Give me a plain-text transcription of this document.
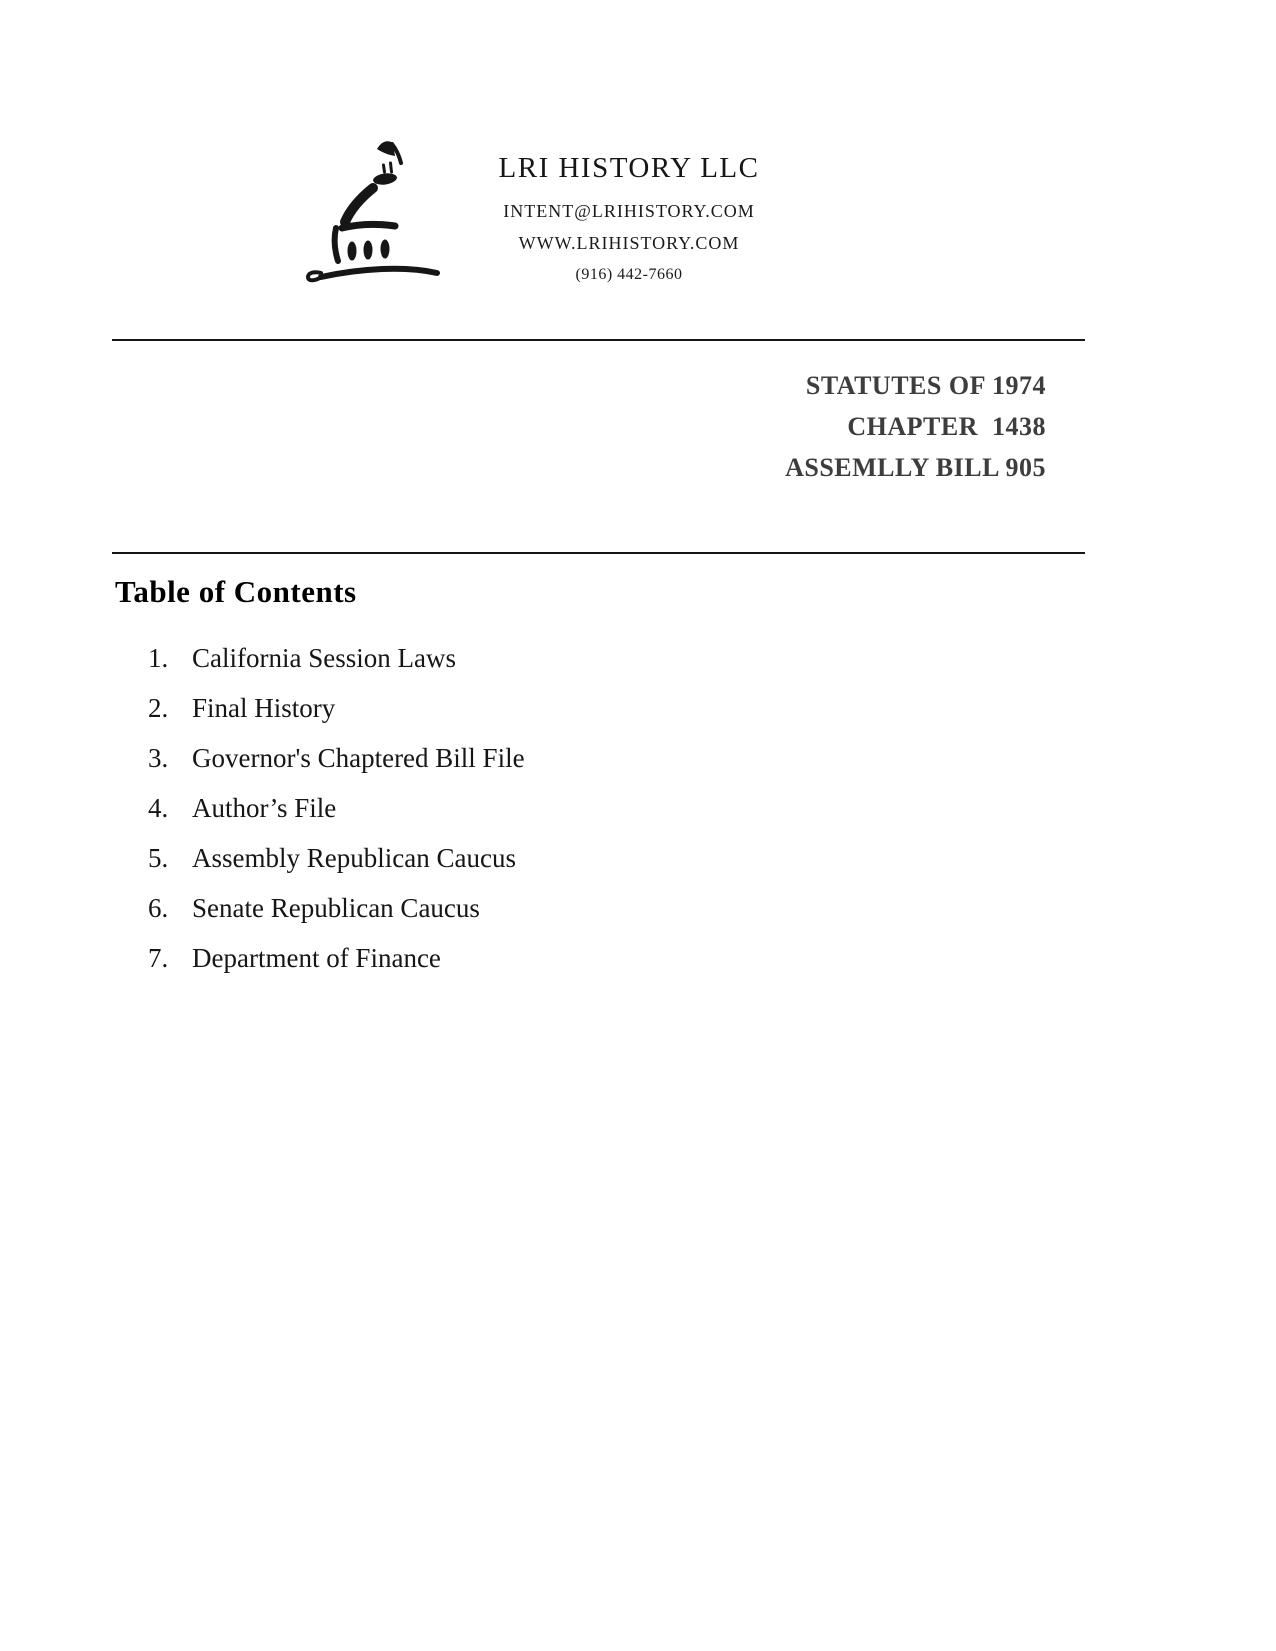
LRI HISTORY LLC
INTENT@LRIHISTORY.COM
WWW.LRIHISTORY.COM
(916) 442-7660
STATUTES OF 1974
CHAPTER  1438
ASSEMLLY BILL 905
Table of Contents
California Session Laws
Final History
Governor's Chaptered Bill File
Author’s File
Assembly Republican Caucus
Senate Republican Caucus
Department of Finance
